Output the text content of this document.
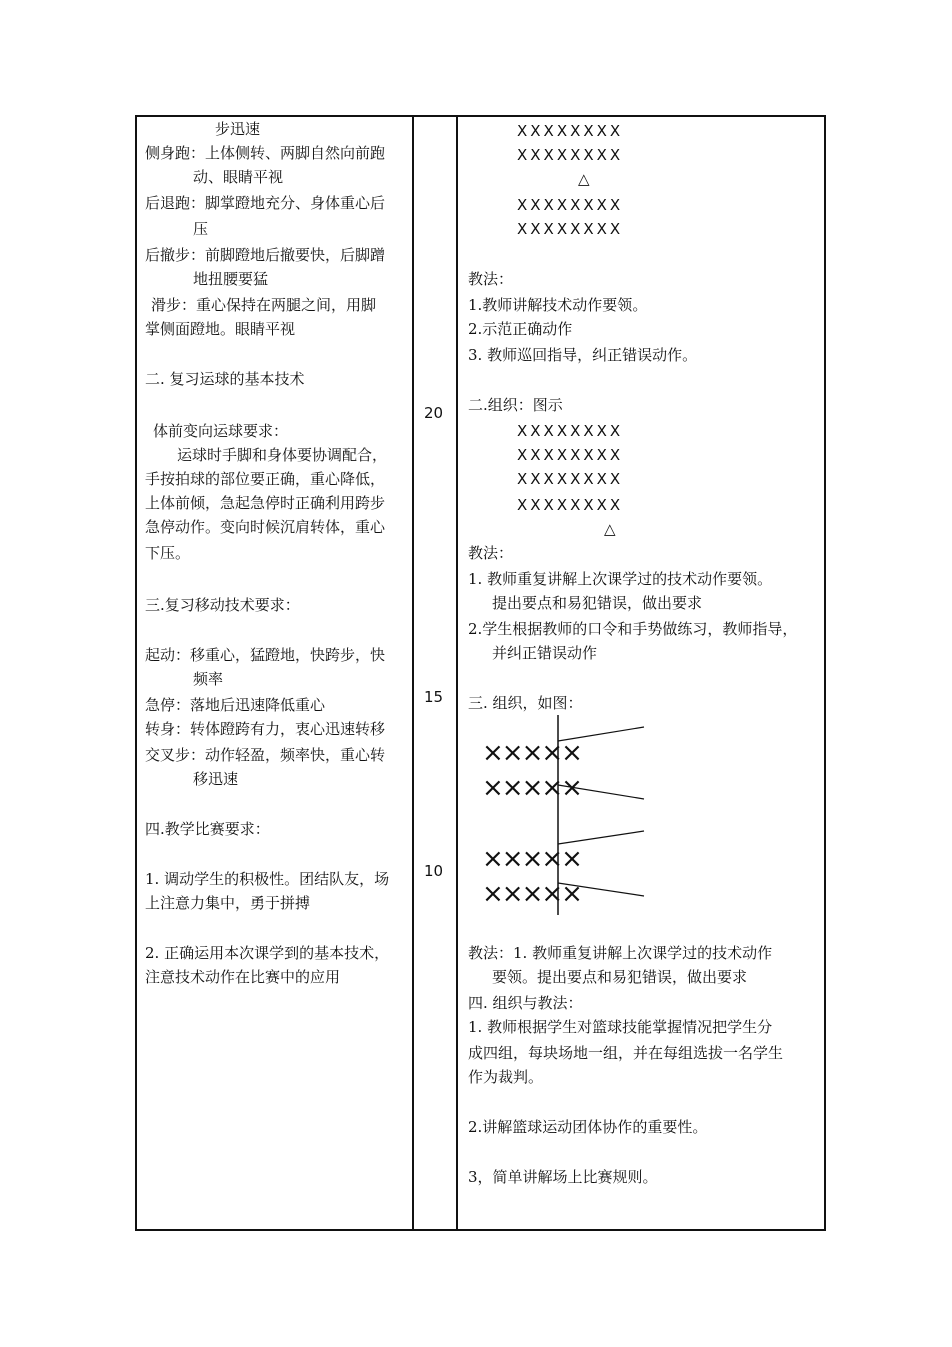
步迅速
侧身跑：上体侧转、两脚自然向前跑
动、眼睛平视
后退跑：脚掌蹬地充分、身体重心后
压
后撤步：前脚蹬地后撤要快，后脚蹭
地扭腰要猛
滑步：重心保持在两腿之间，用脚
掌侧面蹬地。眼睛平视
二. 复习运球的基本技术
体前变向运球要求：
运球时手脚和身体要协调配合，
手按拍球的部位要正确，重心降低，
上体前倾，急起急停时正确利用跨步
急停动作。变向时候沉肩转体，重心
下压。
三.复习移动技术要求：
起动：移重心，猛蹬地，快跨步，快
频率
急停：落地后迅速降低重心
转身：转体蹬跨有力，衷心迅速转移
交叉步：动作轻盈，频率快，重心转
移迅速
四.教学比赛要求：
1. 调动学生的积极性。团结队友，场
上注意力集中，勇于拼搏
2. 正确运用本次课学到的基本技术，
注意技术动作在比赛中的应用
20
15
10
XXXXXXXX
XXXXXXXX
△
XXXXXXXX
XXXXXXXX
教法：
1.教师讲解技术动作要领。
2.示范正确动作
3. 教师巡回指导，纠正错误动作。
二.组织：图示
XXXXXXXX
XXXXXXXX
XXXXXXXX
XXXXXXXX
△
教法：
1. 教师重复讲解上次课学过的技术动作要领。
提出要点和易犯错误，做出要求
2.学生根据教师的口令和手势做练习，教师指导，
并纠正错误动作
三. 组织，如图：
×××××
×××××
×××××
×××××
教法：1. 教师重复讲解上次课学过的技术动作
要领。提出要点和易犯错误，做出要求
四. 组织与教法：
1. 教师根据学生对篮球技能掌握情况把学生分
成四组，每块场地一组，并在每组选拔一名学生
作为裁判。
2.讲解篮球运动团体协作的重要性。
3，简单讲解场上比赛规则。
